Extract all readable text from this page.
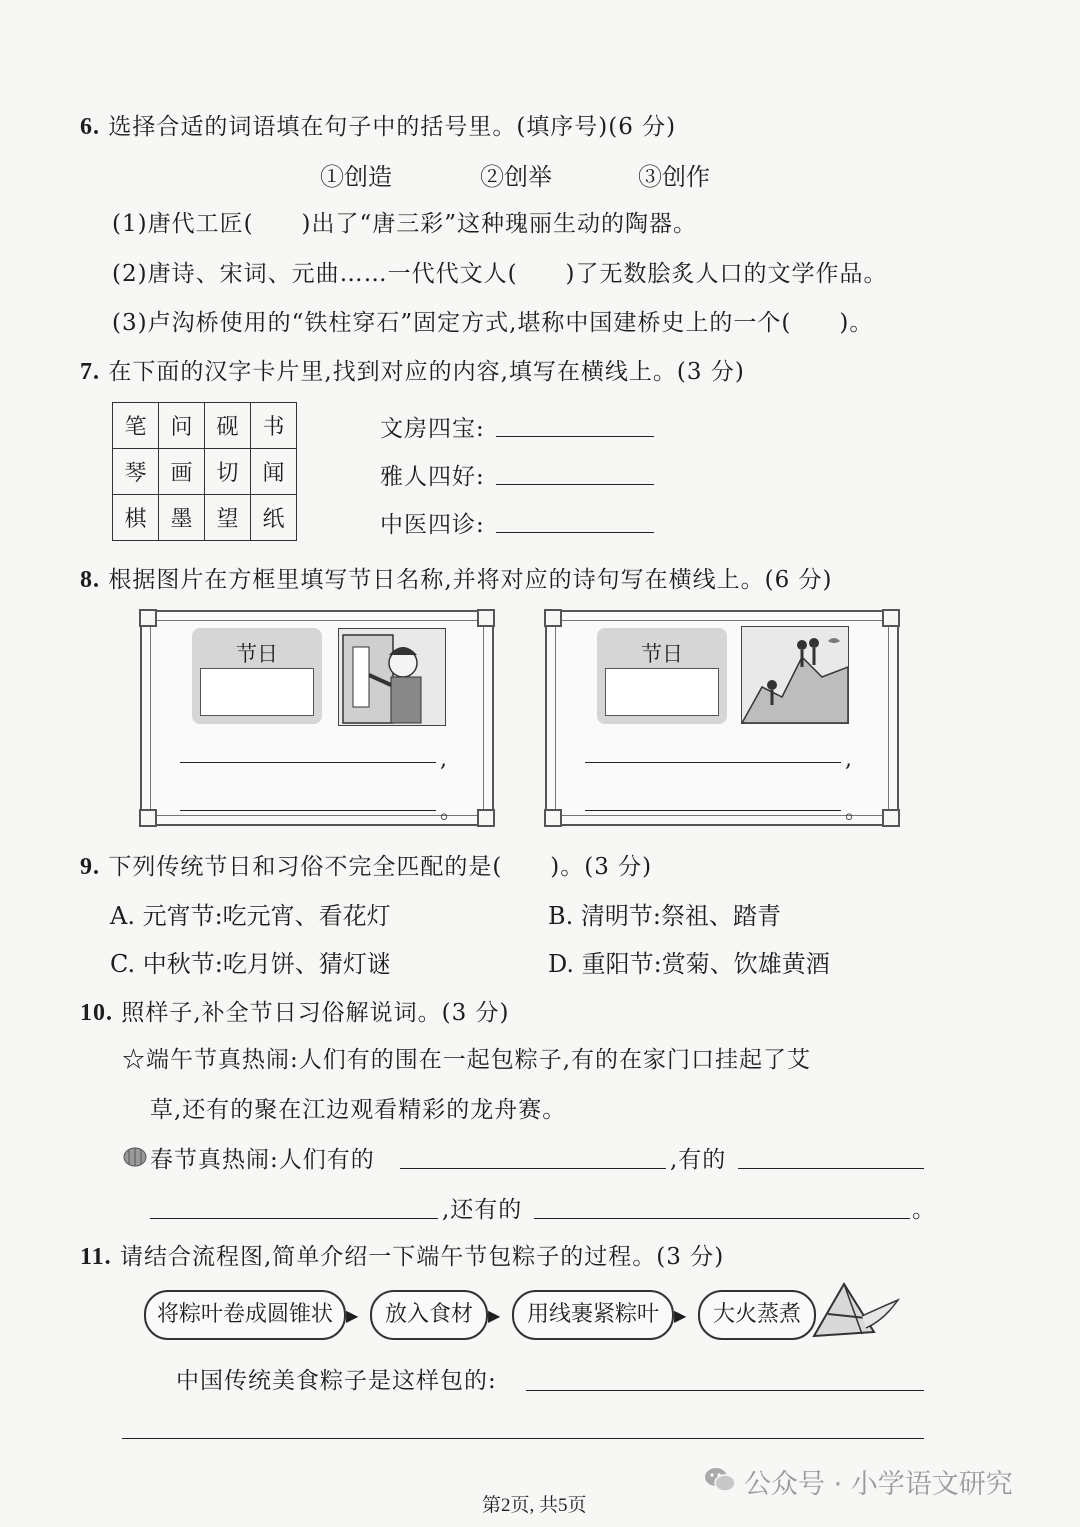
6. 选择合适的词语填在句子中的括号里。(填序号)(6 分)
①创造	②创举	③创作
(1)唐代工匠(　　)出了“唐三彩”这种瑰丽生动的陶器。
(2)唐诗、宋词、元曲……一代代文人(　　)了无数脍炙人口的文学作品。
(3)卢沟桥使用的“铁柱穿石”固定方式,堪称中国建桥史上的一个(　　)。
7. 在下面的汉字卡片里,找到对应的内容,填写在横线上。(3 分)
笔	问	砚	书
琴	画	切	闻
棋	墨	望	纸
文房四宝:
雅人四好:
中医四诊:
8. 根据图片在方框里填写节日名称,并将对应的诗句写在横线上。(6 分)
节日
,
。
节日
,
。
9. 下列传统节日和习俗不完全匹配的是(　　)。(3 分)
A. 元宵节:吃元宵、看花灯	B. 清明节:祭祖、踏青
C. 中秋节:吃月饼、猜灯谜	D. 重阳节:赏菊、饮雄黄酒
10. 照样子,补全节日习俗解说词。(3 分)
☆端午节真热闹:人们有的围在一起包粽子,有的在家门口挂起了艾
草,还有的聚在江边观看精彩的龙舟赛。
春节真热闹:人们有的	,有的
,还有的	。
11. 请结合流程图,简单介绍一下端午节包粽子的过程。(3 分)
将粽叶卷成圆锥状 ▶	放入食材 ▶	用线裹紧粽叶 ▶	大火蒸煮
中国传统美食粽子是这样包的:
公众号 · 小学语文研究
第2页, 共5页
